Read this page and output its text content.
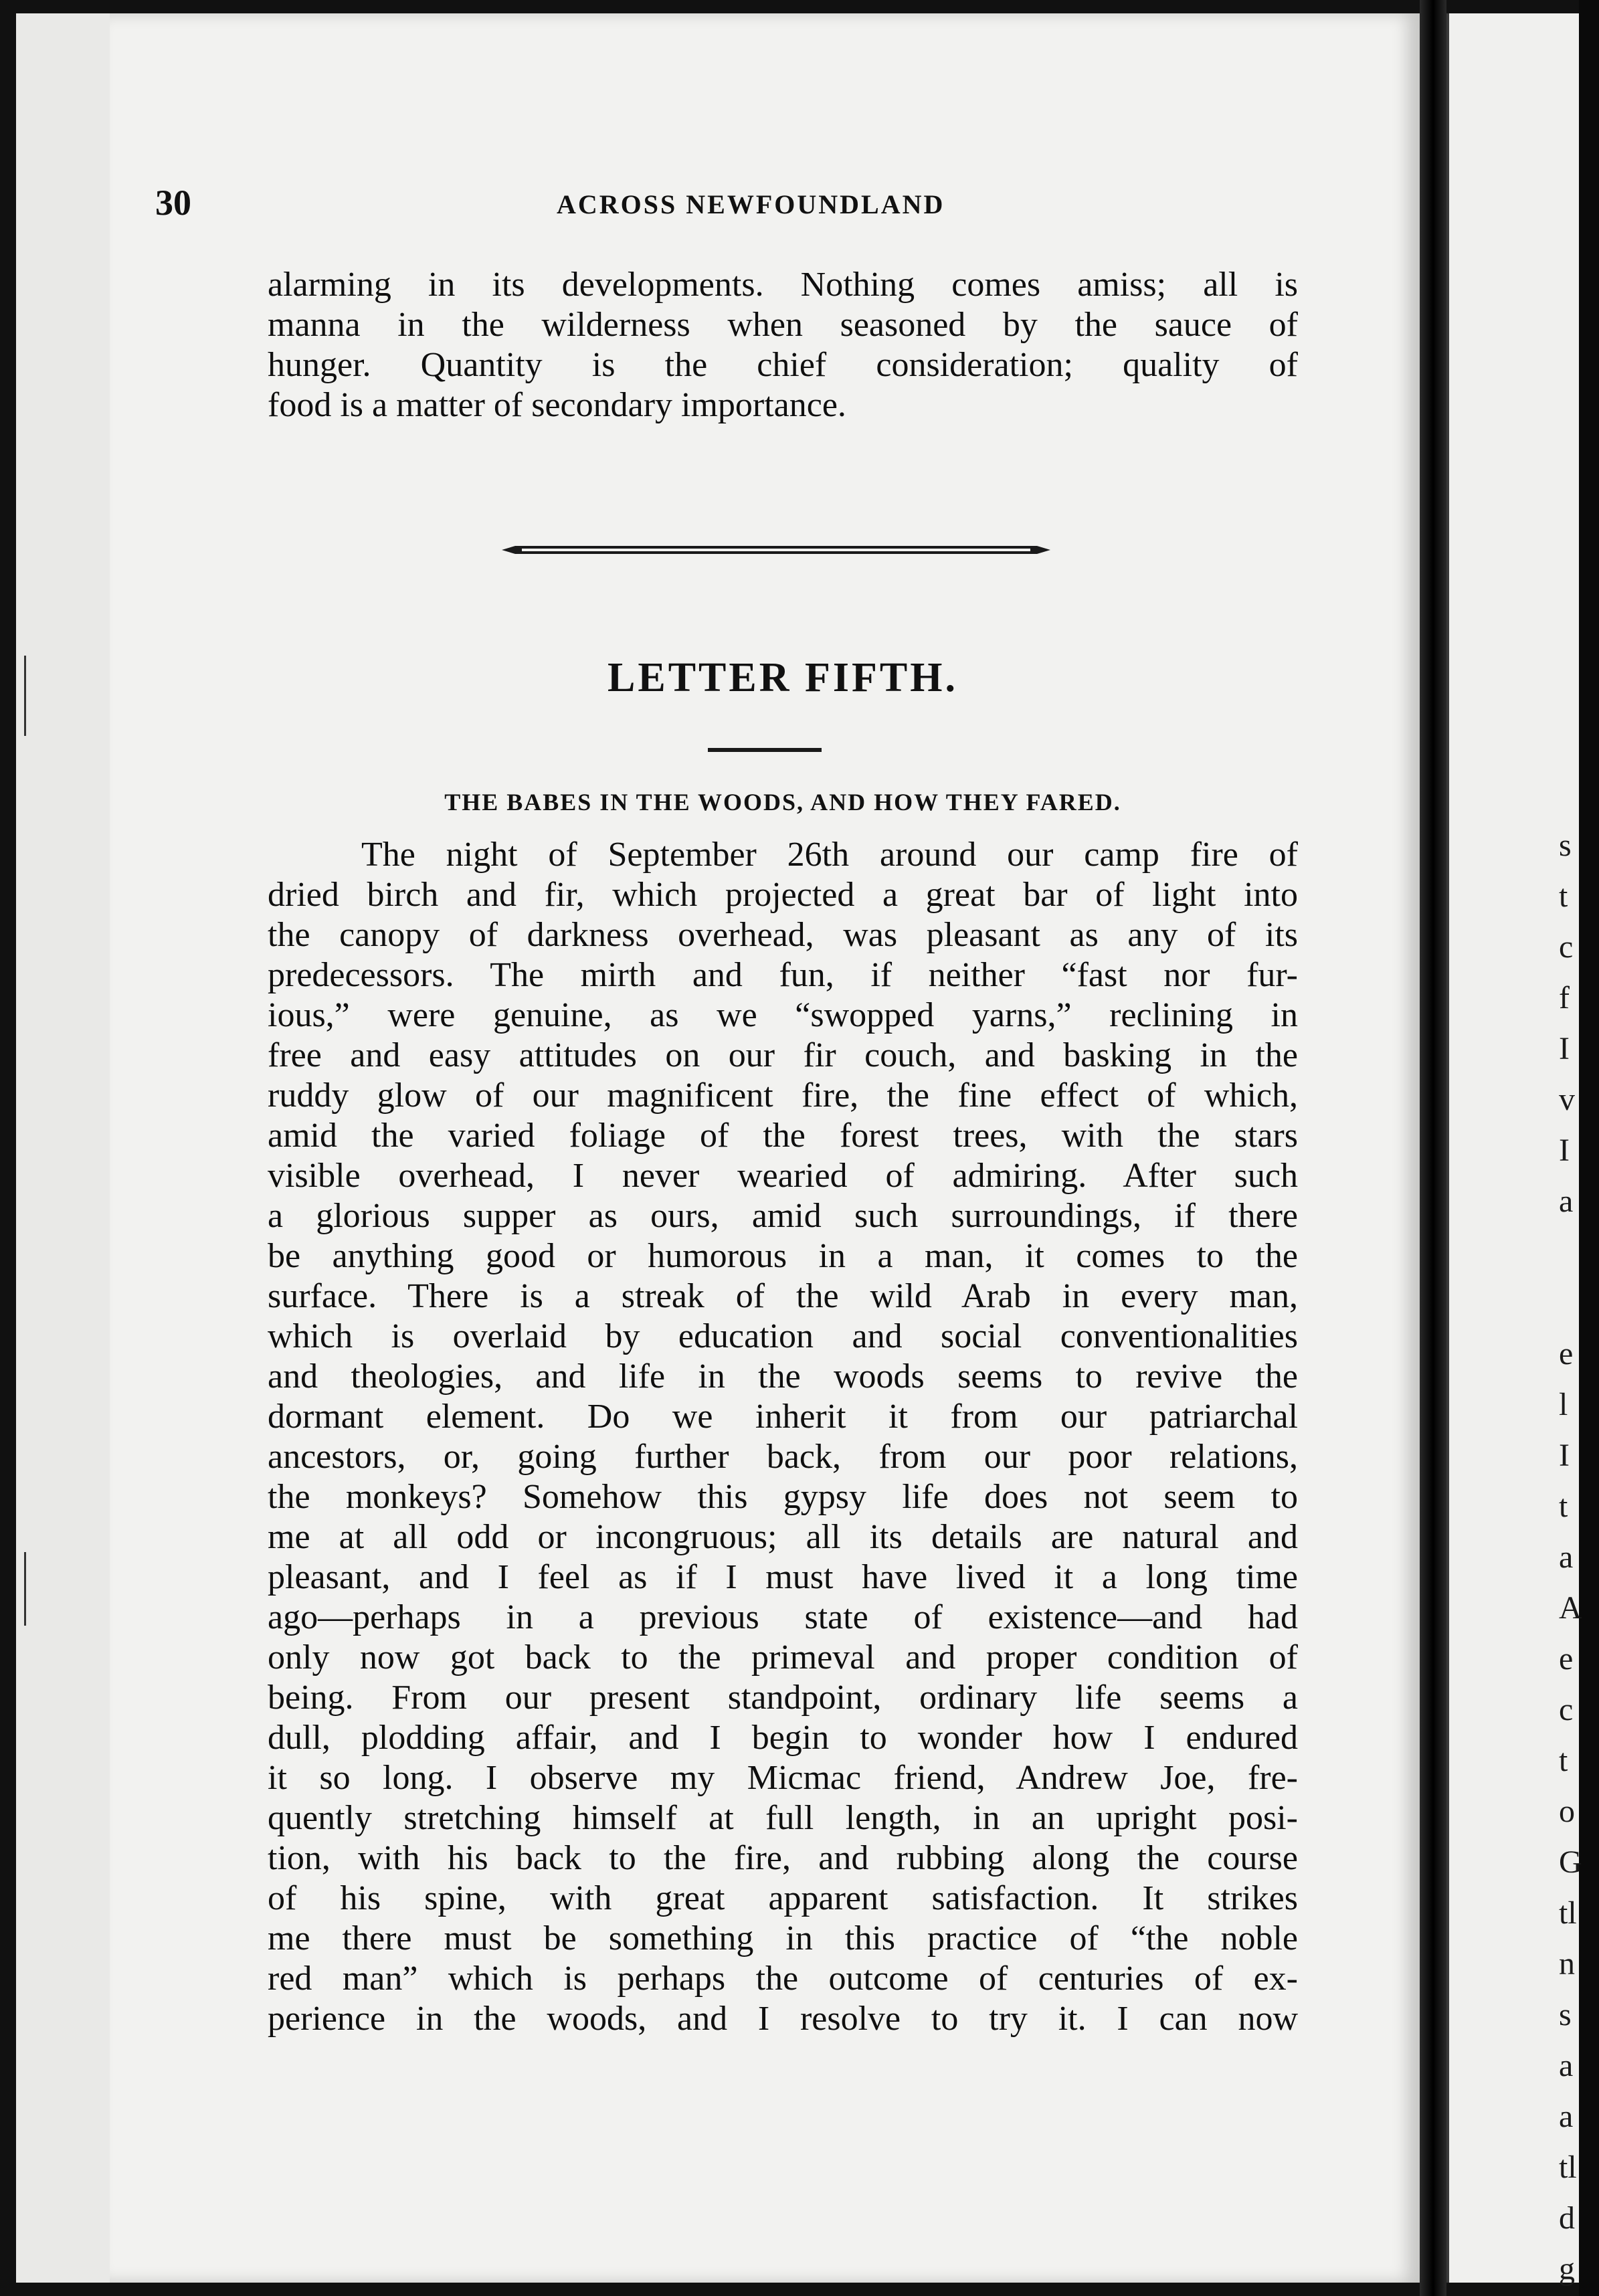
30	ACROSS NEWFOUNDLAND
alarming in its developments. Nothing comes amiss; all is
manna in the wilderness when seasoned by the sauce of
hunger. Quantity is the chief consideration; quality of
food is a matter of secondary importance.
LETTER FIFTH.
THE BABES IN THE WOODS, AND HOW THEY FARED.
The night of September 26th around our camp fire of
dried birch and fir, which projected a great bar of light into
the canopy of darkness overhead, was pleasant as any of its
predecessors. The mirth and fun, if neither “fast nor fur-
ious,” were genuine, as we “swopped yarns,” reclining in
free and easy attitudes on our fir couch, and basking in the
ruddy glow of our magnificent fire, the fine effect of which,
amid the varied foliage of the forest trees, with the stars
visible overhead, I never wearied of admiring. After such
a glorious supper as ours, amid such surroundings, if there
be anything good or humorous in a man, it comes to the
surface. There is a streak of the wild Arab in every man,
which is overlaid by education and social conventionalities
and theologies, and life in the woods seems to revive the
dormant element. Do we inherit it from our patriarchal
ancestors, or, going further back, from our poor relations,
the monkeys? Somehow this gypsy life does not seem to
me at all odd or incongruous; all its details are natural and
pleasant, and I feel as if I must have lived it a long time
ago—perhaps in a previous state of existence—and had
only now got back to the primeval and proper condition of
being. From our present standpoint, ordinary life seems a
dull, plodding affair, and I begin to wonder how I endured
it so long. I observe my Micmac friend, Andrew Joe, fre-
quently stretching himself at full length, in an upright posi-
tion, with his back to the fire, and rubbing along the course
of his spine, with great apparent satisfaction. It strikes
me there must be something in this practice of “the noble
red man” which is perhaps the outcome of centuries of ex-
perience in the woods, and I resolve to try it. I can now
s
t
c
f
I
v
I
a
e
l
I
t
a
A
e
c
t
o
G
tl
n
s
a
a
tl
d
g
